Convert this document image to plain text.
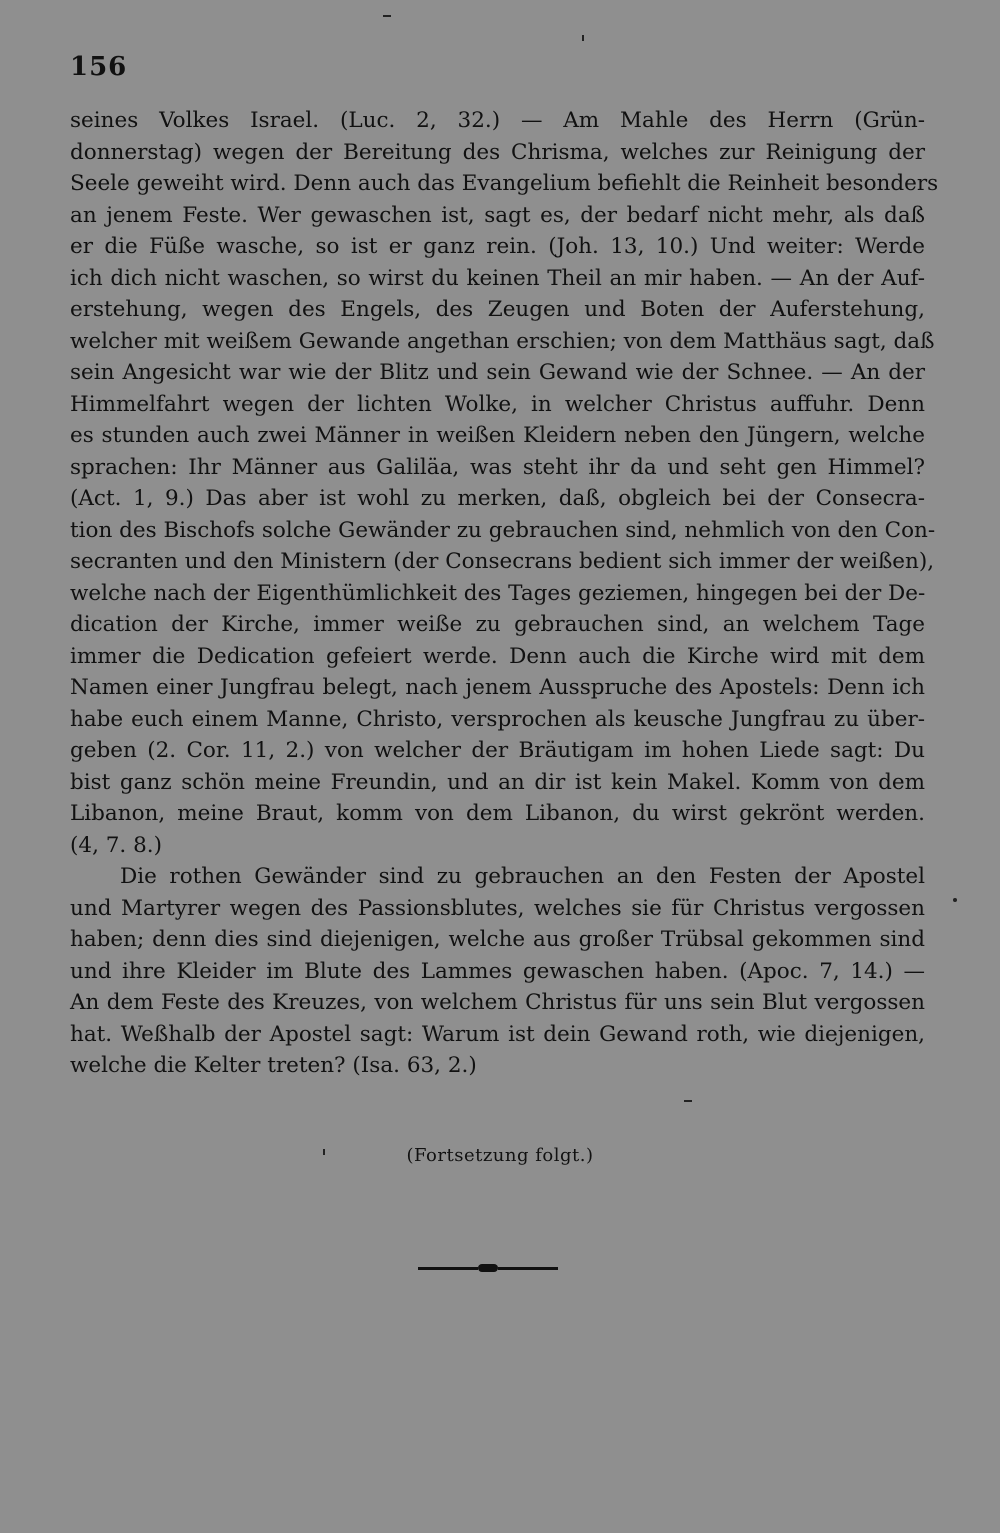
156
seines Volkes Israel. (Luc. 2, 32.) — Am Mahle des Herrn (Grün-
donnerstag) wegen der Bereitung des Chrisma, welches zur Reinigung der
Seele geweiht wird. Denn auch das Evangelium befiehlt die Reinheit besonders
an jenem Feste. Wer gewaschen ist, sagt es, der bedarf nicht mehr, als daß
er die Füße wasche, so ist er ganz rein. (Joh. 13, 10.) Und weiter: Werde
ich dich nicht waschen, so wirst du keinen Theil an mir haben. — An der Auf-
erstehung, wegen des Engels, des Zeugen und Boten der Auferstehung,
welcher mit weißem Gewande angethan erschien; von dem Matthäus sagt, daß
sein Angesicht war wie der Blitz und sein Gewand wie der Schnee. — An der
Himmelfahrt wegen der lichten Wolke, in welcher Christus auffuhr. Denn
es stunden auch zwei Männer in weißen Kleidern neben den Jüngern, welche
sprachen: Ihr Männer aus Galiläa, was steht ihr da und seht gen Himmel?
(Act. 1, 9.) Das aber ist wohl zu merken, daß, obgleich bei der Consecra-
tion des Bischofs solche Gewänder zu gebrauchen sind, nehmlich von den Con-
secranten und den Ministern (der Consecrans bedient sich immer der weißen),
welche nach der Eigenthümlichkeit des Tages geziemen, hingegen bei der De-
dication der Kirche, immer weiße zu gebrauchen sind, an welchem Tage
immer die Dedication gefeiert werde. Denn auch die Kirche wird mit dem
Namen einer Jungfrau belegt, nach jenem Ausspruche des Apostels: Denn ich
habe euch einem Manne, Christo, versprochen als keusche Jungfrau zu über-
geben (2. Cor. 11, 2.) von welcher der Bräutigam im hohen Liede sagt: Du
bist ganz schön meine Freundin, und an dir ist kein Makel. Komm von dem
Libanon, meine Braut, komm von dem Libanon, du wirst gekrönt werden.
(4, 7. 8.)
Die rothen Gewänder sind zu gebrauchen an den Festen der Apostel
und Martyrer wegen des Passionsblutes, welches sie für Christus vergossen
haben; denn dies sind diejenigen, welche aus großer Trübsal gekommen sind
und ihre Kleider im Blute des Lammes gewaschen haben. (Apoc. 7, 14.) —
An dem Feste des Kreuzes, von welchem Christus für uns sein Blut vergossen
hat. Weßhalb der Apostel sagt: Warum ist dein Gewand roth, wie diejenigen,
welche die Kelter treten? (Isa. 63, 2.)
(Fortsetzung folgt.)
